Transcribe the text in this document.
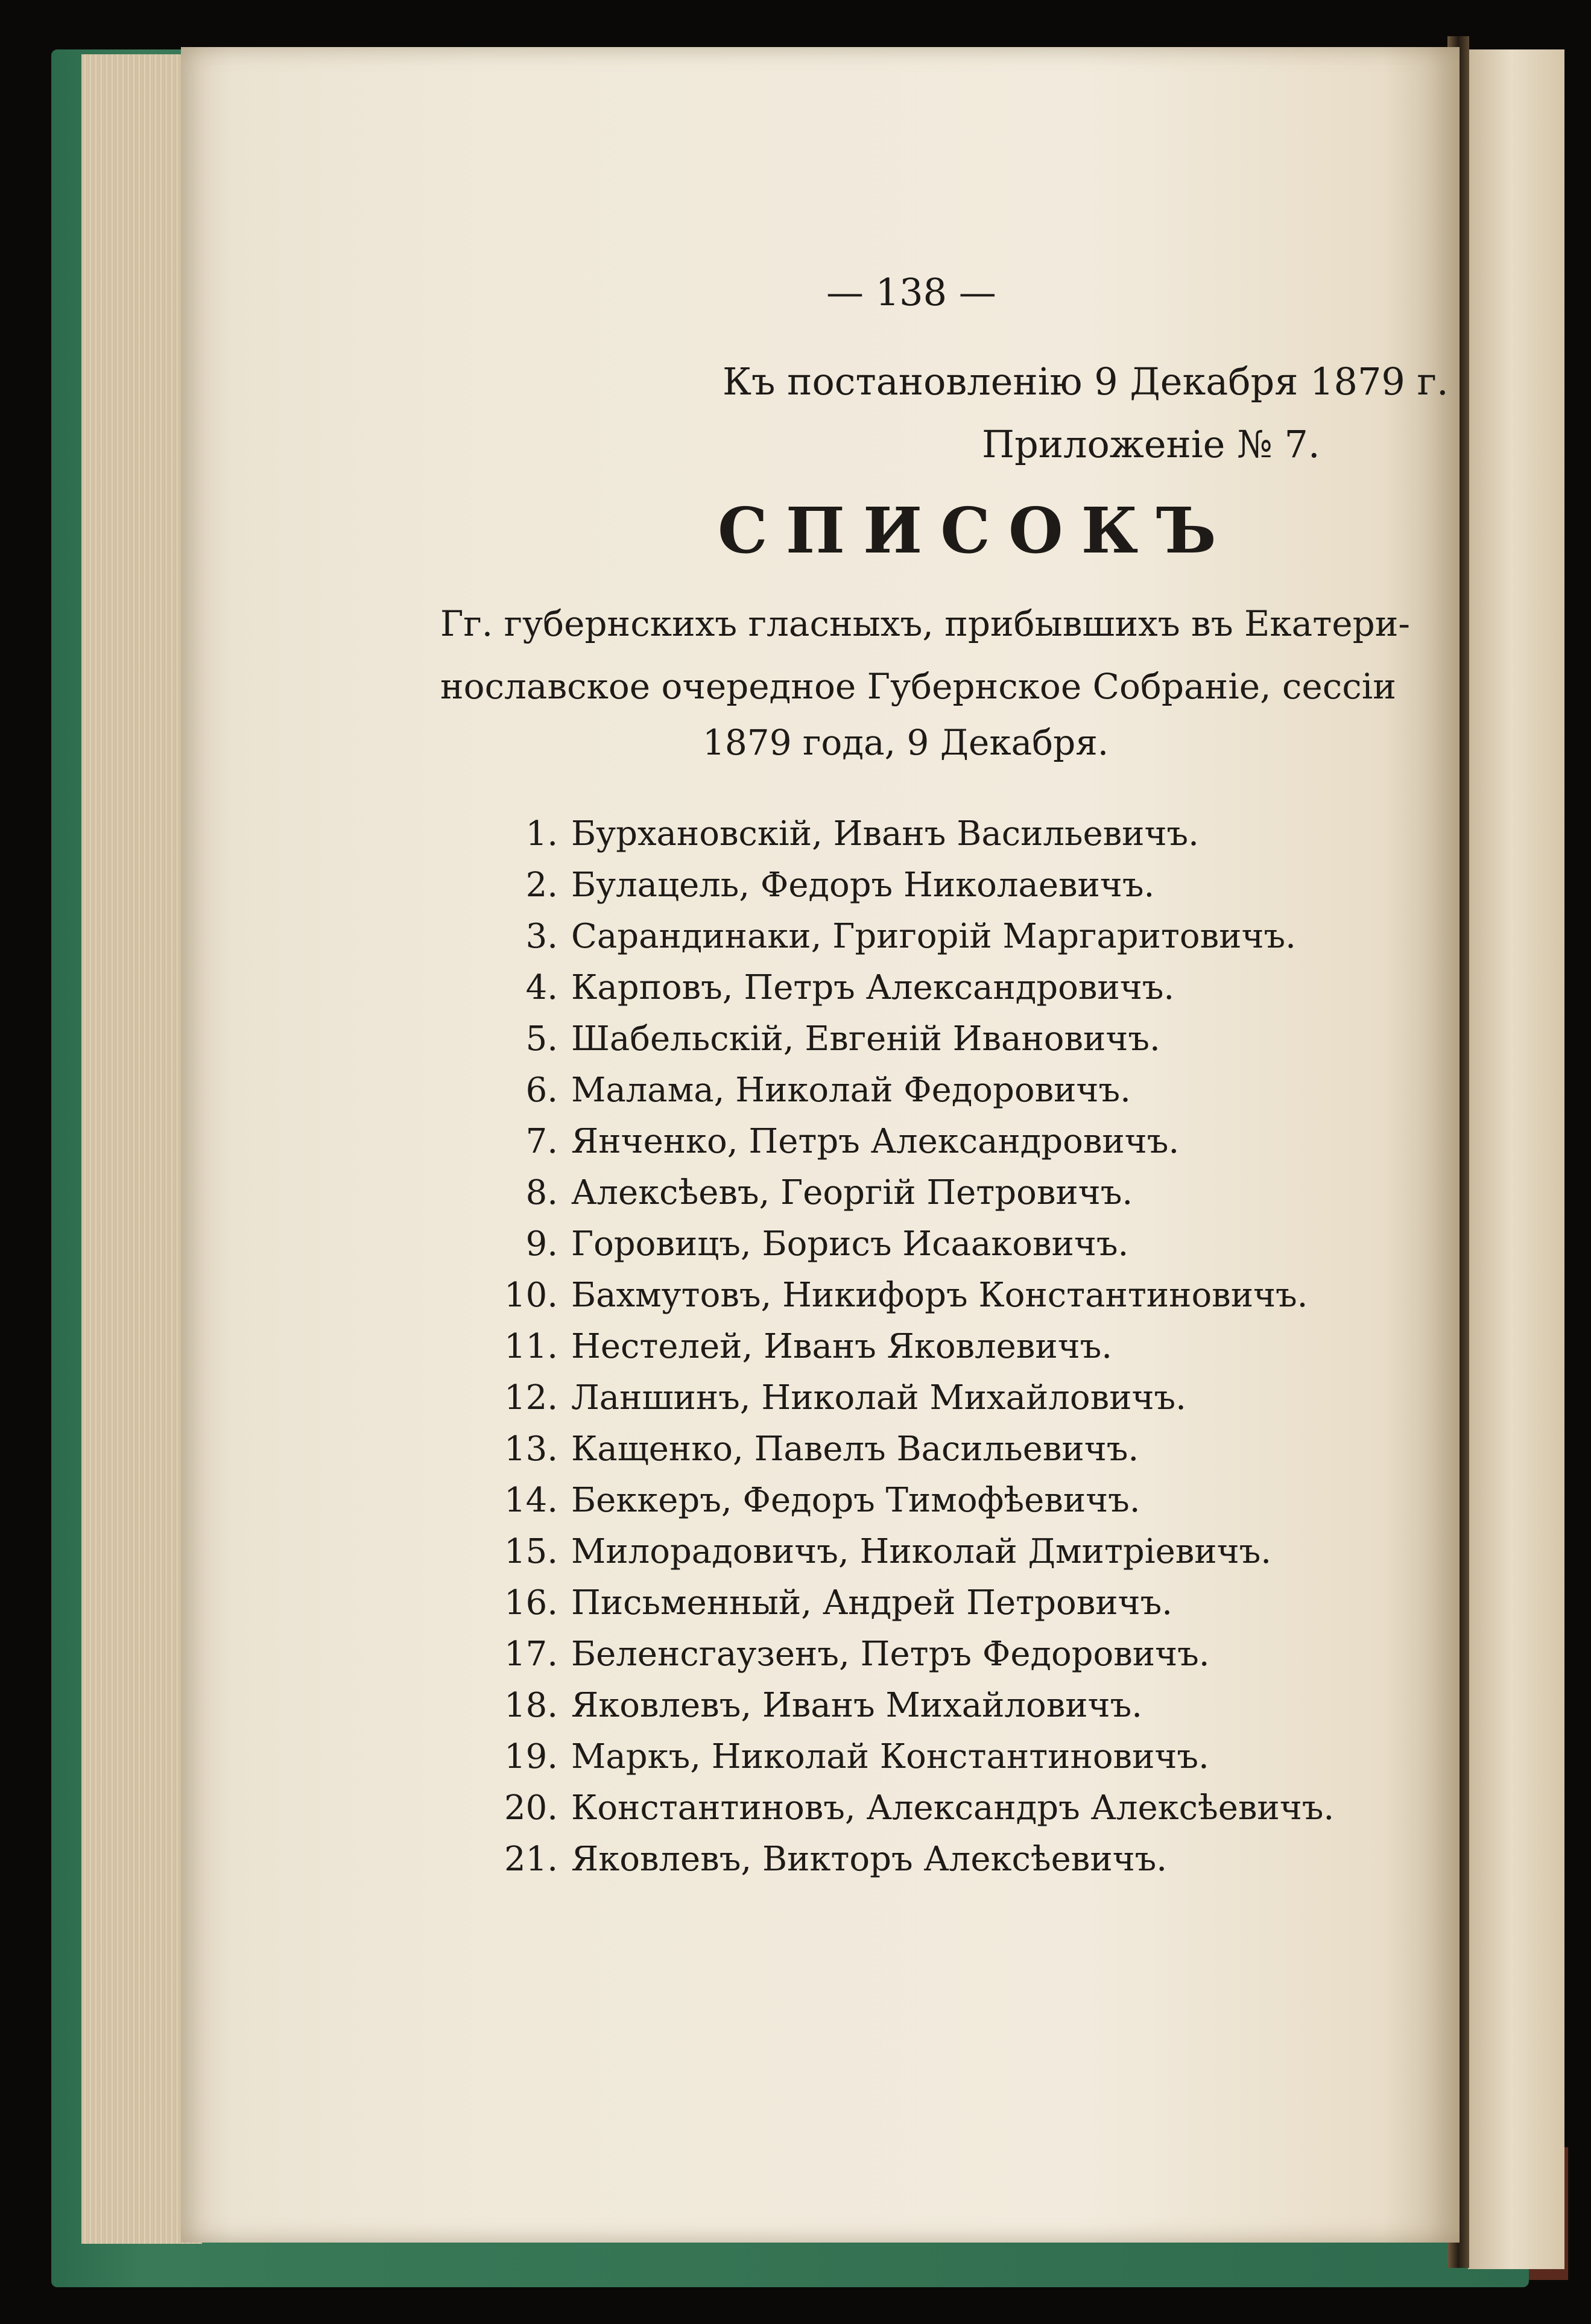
— 138 —
Къ постановленію 9 Декабря 1879 г.
Приложеніе № 7.
СПИСОКЪ
Гг. губернскихъ гласныхъ, прибывшихъ въ Екатери-
нославское очередное Губернское Собраніе, сессіи
1879 года, 9 Декабря.
1. Бурхановскій, Иванъ Васильевичъ.
2. Булацель, Федоръ Николаевичъ.
3. Сарандинаки, Григорій Маргаритовичъ.
4. Карповъ, Петръ Александровичъ.
5. Шабельскій, Евгеній Ивановичъ.
6. Малама, Николай Федоровичъ.
7. Янченко, Петръ Александровичъ.
8. Алексѣевъ, Георгій Петровичъ.
9. Горовицъ, Борисъ Исааковичъ.
10. Бахмутовъ, Никифоръ Константиновичъ.
11. Нестелей, Иванъ Яковлевичъ.
12. Ланшинъ, Николай Михайловичъ.
13. Кащенко, Павелъ Васильевичъ.
14. Беккеръ, Федоръ Тимофѣевичъ.
15. Милорадовичъ, Николай Дмитріевичъ.
16. Письменный, Андрей Петровичъ.
17. Беленсгаузенъ, Петръ Федоровичъ.
18. Яковлевъ, Иванъ Михайловичъ.
19. Маркъ, Николай Константиновичъ.
20. Константиновъ, Александръ Алексѣевичъ.
21. Яковлевъ, Викторъ Алексѣевичъ.
